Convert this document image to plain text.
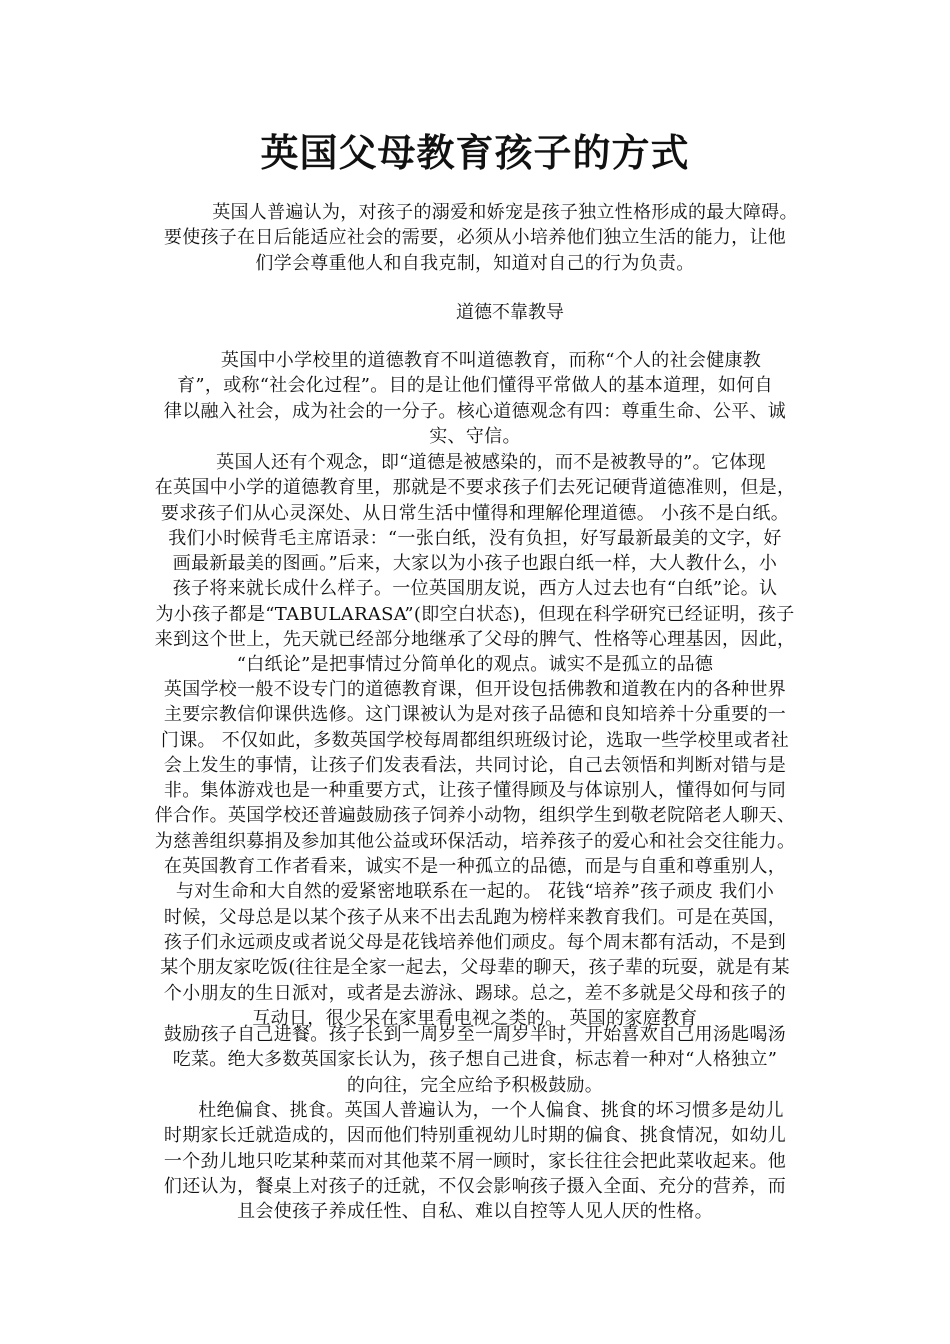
英国父母教育孩子的方式
英国人普遍认为，对孩子的溺爱和娇宠是孩子独立性格形成的最大障碍。
要使孩子在日后能适应社会的需要，必须从小培养他们独立生活的能力，让他
们学会尊重他人和自我克制，知道对自己的行为负责。
道德不靠教导
英国中小学校里的道德教育不叫道德教育，而称“个人的社会健康教
育”，或称“社会化过程”。目的是让他们懂得平常做人的基本道理，如何自
律以融入社会，成为社会的一分子。核心道德观念有四：尊重生命、公平、诚
实、守信。
英国人还有个观念，即“道德是被感染的，而不是被教导的”。它体现
在英国中小学的道德教育里，那就是不要求孩子们去死记硬背道德准则，但是，
要求孩子们从心灵深处、从日常生活中懂得和理解伦理道德。 小孩不是白纸。
我们小时候背毛主席语录：“一张白纸，没有负担，好写最新最美的文字，好
画最新最美的图画。”后来，大家以为小孩子也跟白纸一样，大人教什么，小
孩子将来就长成什么样子。一位英国朋友说，西方人过去也有“白纸”论。认
为小孩子都是“TABULARASA”(即空白状态)，但现在科学研究已经证明，孩子
来到这个世上，先天就已经部分地继承了父母的脾气、性格等心理基因，因此，
“白纸论”是把事情过分简单化的观点。诚实不是孤立的品德
英国学校一般不设专门的道德教育课，但开设包括佛教和道教在内的各种世界
主要宗教信仰课供选修。这门课被认为是对孩子品德和良知培养十分重要的一
门课。 不仅如此，多数英国学校每周都组织班级讨论，选取一些学校里或者社
会上发生的事情，让孩子们发表看法，共同讨论，自己去领悟和判断对错与是
非。集体游戏也是一种重要方式，让孩子懂得顾及与体谅别人，懂得如何与同
伴合作。英国学校还普遍鼓励孩子饲养小动物，组织学生到敬老院陪老人聊天、
为慈善组织募捐及参加其他公益或环保活动，培养孩子的爱心和社会交往能力。
在英国教育工作者看来，诚实不是一种孤立的品德，而是与自重和尊重别人，
与对生命和大自然的爱紧密地联系在一起的。 花钱“培养”孩子顽皮 我们小
时候，父母总是以某个孩子从来不出去乱跑为榜样来教育我们。可是在英国，
孩子们永远顽皮或者说父母是花钱培养他们顽皮。每个周末都有活动，不是到
某个朋友家吃饭(往往是全家一起去，父母辈的聊天，孩子辈的玩耍，就是有某
个小朋友的生日派对，或者是去游泳、踢球。总之，差不多就是父母和孩子的
互动日，很少呆在家里看电视之类的。 英国的家庭教育
鼓励孩子自己进餐。孩子长到一周岁至一周岁半时，开始喜欢自己用汤匙喝汤
吃菜。绝大多数英国家长认为，孩子想自己进食，标志着一种对“人格独立”
的向往，完全应给予积极鼓励。
杜绝偏食、挑食。英国人普遍认为，一个人偏食、挑食的坏习惯多是幼儿
时期家长迁就造成的，因而他们特别重视幼儿时期的偏食、挑食情况，如幼儿
一个劲儿地只吃某种菜而对其他菜不屑一顾时，家长往往会把此菜收起来。他
们还认为，餐桌上对孩子的迁就，不仅会影响孩子摄入全面、充分的营养，而
且会使孩子养成任性、自私、难以自控等人见人厌的性格。
